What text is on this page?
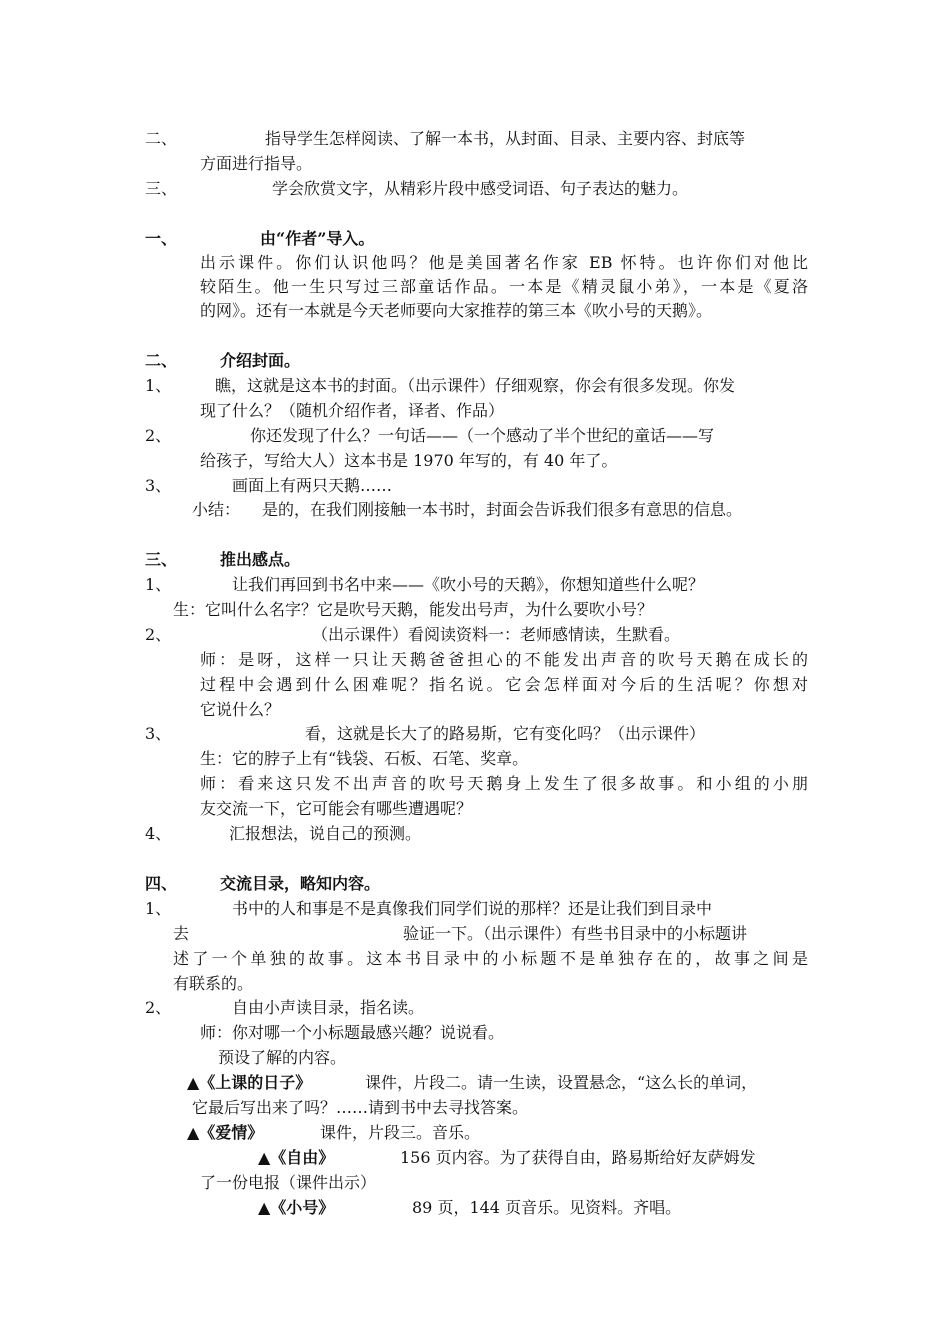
二、	指导学生怎样阅读、了解一本书，从封面、目录、主要内容、封底等
方面进行指导。
三、	学会欣赏文字，从精彩片段中感受词语、句子表达的魅力。
一、	由“作者”导入。
出示课件。你们认识他吗？他是美国著名作家 EB 怀特。也许你们对他比
较陌生。他一生只写过三部童话作品。一本是《精灵鼠小弟》，一本是《夏洛
的网》。还有一本就是今天老师要向大家推荐的第三本《吹小号的天鹅》。
二、	介绍封面。
1、	瞧，这就是这本书的封面。（出示课件）仔细观察，你会有很多发现。你发
现了什么？（随机介绍作者，译者、作品）
2、	你还发现了什么？一句话——（一个感动了半个世纪的童话——写
给孩子，写给大人）这本书是 1970 年写的，有 40 年了。
3、	画面上有两只天鹅……
小结： 是的，在我们刚接触一本书时，封面会告诉我们很多有意思的信息。
三、	推出感点。
1、	让我们再回到书名中来——《吹小号的天鹅》，你想知道些什么呢？
生：它叫什么名字？它是吹号天鹅，能发出号声，为什么要吹小号？
2、	（出示课件）看阅读资料一：老师感情读，生默看。
师：是呀，这样一只让天鹅爸爸担心的不能发出声音的吹号天鹅在成长的
过程中会遇到什么困难呢？指名说。它会怎样面对今后的生活呢？你想对
它说什么？
3、	看，这就是长大了的路易斯，它有变化吗？（出示课件）
生：它的脖子上有“钱袋、石板、石笔、奖章。
师：看来这只发不出声音的吹号天鹅身上发生了很多故事。和小组的小朋
友交流一下，它可能会有哪些遭遇呢？
4、	汇报想法，说自己的预测。
四、	交流目录，略知内容。
1、	书中的人和事是不是真像我们同学们说的那样？还是让我们到目录中
去	验证一下。（出示课件）有些书目录中的小标题讲
述了一个单独的故事。这本书目录中的小标题不是单独存在的，故事之间是
有联系的。
2、	自由小声读目录，指名读。
师：你对哪一个小标题最感兴趣？说说看。
预设了解的内容。
▲《上课的日子》	课件，片段二。请一生读，设置悬念，“这么长的单词，
它最后写出来了吗？……请到书中去寻找答案。
▲《爱情》	课件，片段三。音乐。
▲《自由》	156 页内容。为了获得自由，路易斯给好友萨姆发
了一份电报（课件出示）
▲《小号》	89 页，144 页音乐。见资料。齐唱。
